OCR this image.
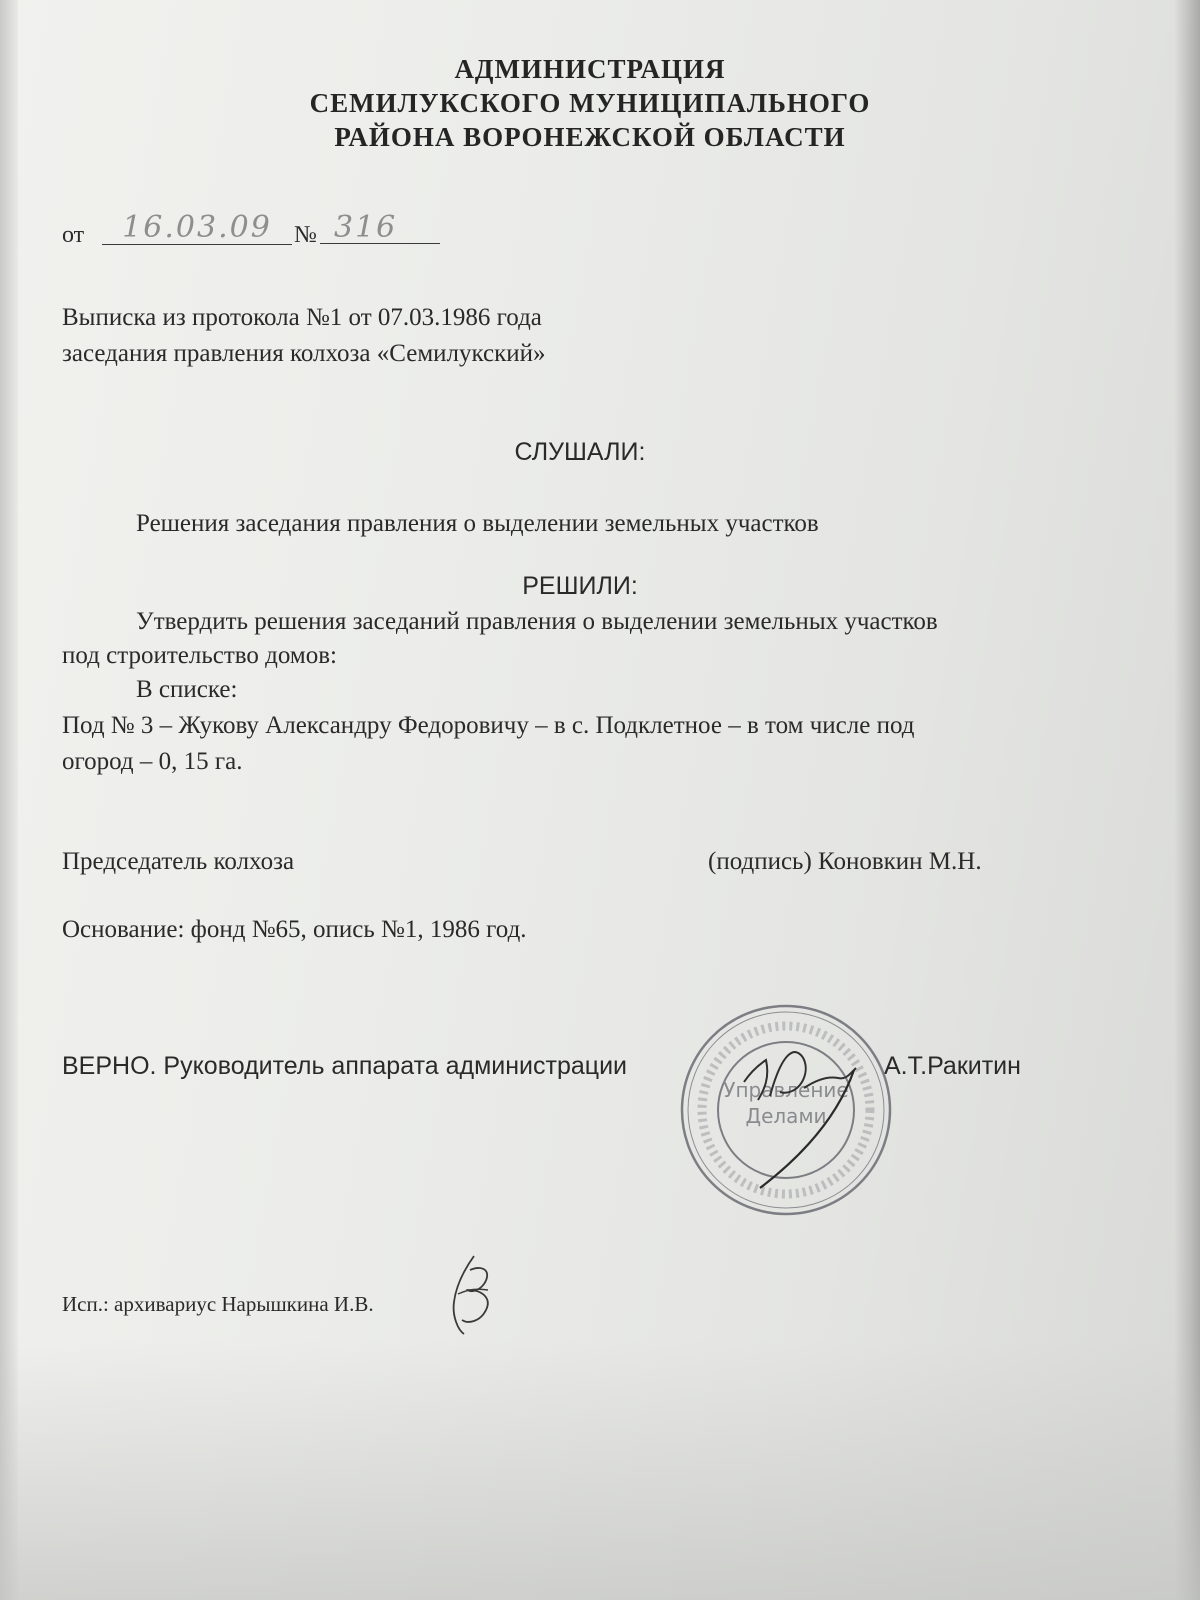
АДМИНИСТРАЦИЯ
СЕМИЛУКСКОГО МУНИЦИПАЛЬНОГО
РАЙОНА ВОРОНЕЖСКОЙ ОБЛАСТИ
от	16.03.09 № 316
Выписка из протокола №1 от 07.03.1986 года
заседания правления колхоза «Семилукский»
СЛУШАЛИ:
Решения заседания правления о выделении земельных участков
РЕШИЛИ:
Утвердить решения заседаний правления о выделении земельных участков
под строительство домов:
В списке:
Под № 3 – Жукову Александру Федоровичу – в с. Подклетное – в том числе под
огород – 0, 15 га.
Председатель колхоза	(подпись) Коновкин М.Н.
Основание: фонд №65, опись №1, 1986 год.
ВЕРНО. Руководитель аппарата администрации	А.Т.Ракитин
Управление
Делами
Исп.: архивариус Нарышкина И.В.
